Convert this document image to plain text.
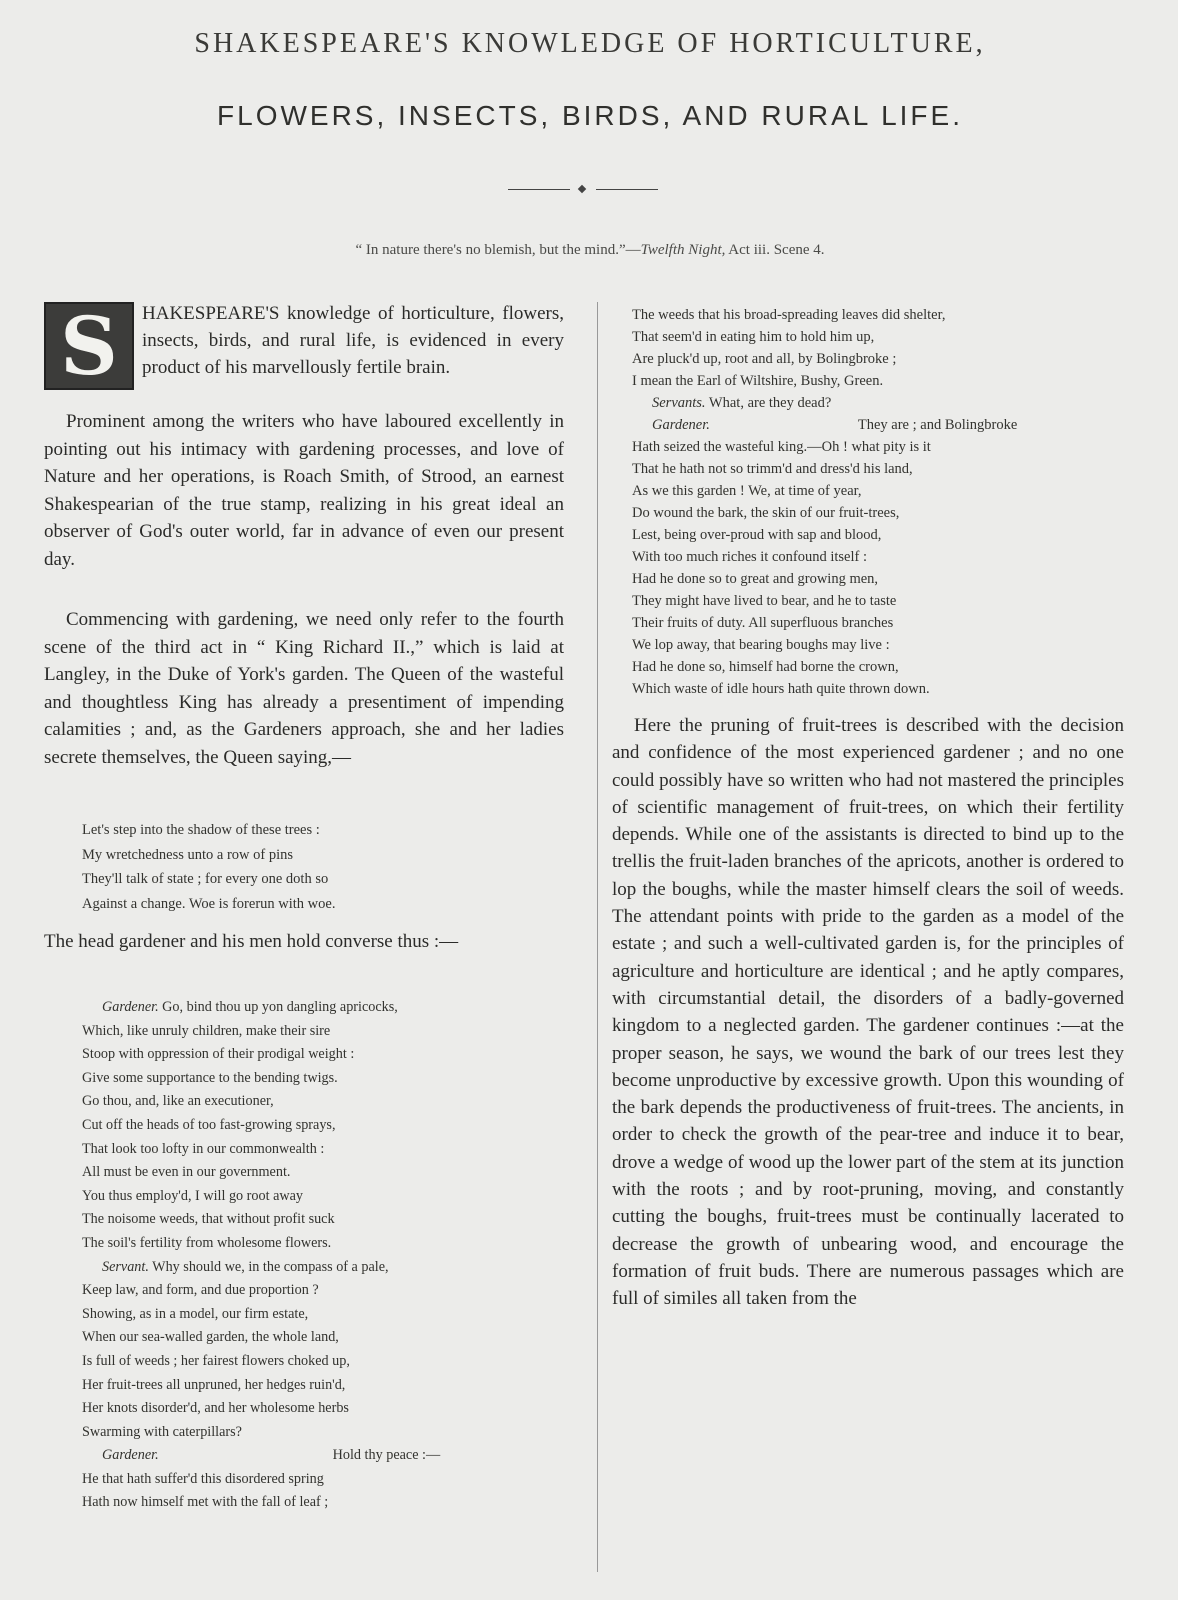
SHAKESPEARE'S KNOWLEDGE OF HORTICULTURE,
FLOWERS, INSECTS, BIRDS, AND RURAL LIFE.
“ In nature there's no blemish, but the mind.”—Twelfth Night, Act iii. Scene 4.
S	HAKESPEARE'S knowledge of horticulture, flowers, insects, birds, and rural life, is evidenced in every product of his marvellously fertile brain.

Prominent among the writers who have laboured excellently in pointing out his intimacy with gardening processes, and love of Nature and her operations, is Roach Smith, of Strood, an earnest Shakespearian of the true stamp, realizing in his great ideal an observer of God's outer world, far in advance of even our present day.

Commencing with gardening, we need only refer to the fourth scene of the third act in “ King Richard II.,” which is laid at Langley, in the Duke of York's garden. The Queen of the wasteful and thoughtless King has already a presentiment of impending calamities ; and, as the Gardeners approach, she and her ladies secrete themselves, the Queen saying,—

Let's step into the shadow of these trees :
My wretchedness unto a row of pins
They'll talk of state ; for every one doth so
Against a change. Woe is forerun with woe.

The head gardener and his men hold converse thus :—

Gardener. Go, bind thou up yon dangling apricocks,
Which, like unruly children, make their sire
Stoop with oppression of their prodigal weight :
Give some supportance to the bending twigs.
Go thou, and, like an executioner,
Cut off the heads of too fast-growing sprays,
That look too lofty in our commonwealth :
All must be even in our government.
You thus employ'd, I will go root away
The noisome weeds, that without profit suck
The soil's fertility from wholesome flowers.
Servant. Why should we, in the compass of a pale,
Keep law, and form, and due proportion ?
Showing, as in a model, our firm estate,
When our sea-walled garden, the whole land,
Is full of weeds ; her fairest flowers choked up,
Her fruit-trees all unpruned, her hedges ruin'd,
Her knots disorder'd, and her wholesome herbs
Swarming with caterpillars?
Gardener.	Hold thy peace :—
He that hath suffer'd this disordered spring
Hath now himself met with the fall of leaf ;
The weeds that his broad-spreading leaves did shelter,
That seem'd in eating him to hold him up,
Are pluck'd up, root and all, by Bolingbroke ;
I mean the Earl of Wiltshire, Bushy, Green.
Servants. What, are they dead?
Gardener.	They are ; and Bolingbroke
Hath seized the wasteful king.—Oh ! what pity is it
That he hath not so trimm'd and dress'd his land,
As we this garden ! We, at time of year,
Do wound the bark, the skin of our fruit-trees,
Lest, being over-proud with sap and blood,
With too much riches it confound itself :
Had he done so to great and growing men,
They might have lived to bear, and he to taste
Their fruits of duty. All superfluous branches
We lop away, that bearing boughs may live :
Had he done so, himself had borne the crown,
Which waste of idle hours hath quite thrown down.

Here the pruning of fruit-trees is described with the decision and confidence of the most experienced gardener ; and no one could possibly have so written who had not mastered the principles of scientific management of fruit-trees, on which their fertility depends. While one of the assistants is directed to bind up to the trellis the fruit-laden branches of the apricots, another is ordered to lop the boughs, while the master himself clears the soil of weeds. The attendant points with pride to the garden as a model of the estate ; and such a well-cultivated garden is, for the principles of agriculture and horticulture are identical ; and he aptly compares, with circumstantial detail, the disorders of a badly-governed kingdom to a neglected garden. The gardener continues :—at the proper season, he says, we wound the bark of our trees lest they become unproductive by excessive growth. Upon this wounding of the bark depends the productiveness of fruit-trees. The ancients, in order to check the growth of the pear-tree and induce it to bear, drove a wedge of wood up the lower part of the stem at its junction with the roots ; and by root-pruning, moving, and constantly cutting the boughs, fruit-trees must be continually lacerated to decrease the growth of unbearing wood, and encourage the formation of fruit buds. There are numerous passages which are full of similes all taken from the
